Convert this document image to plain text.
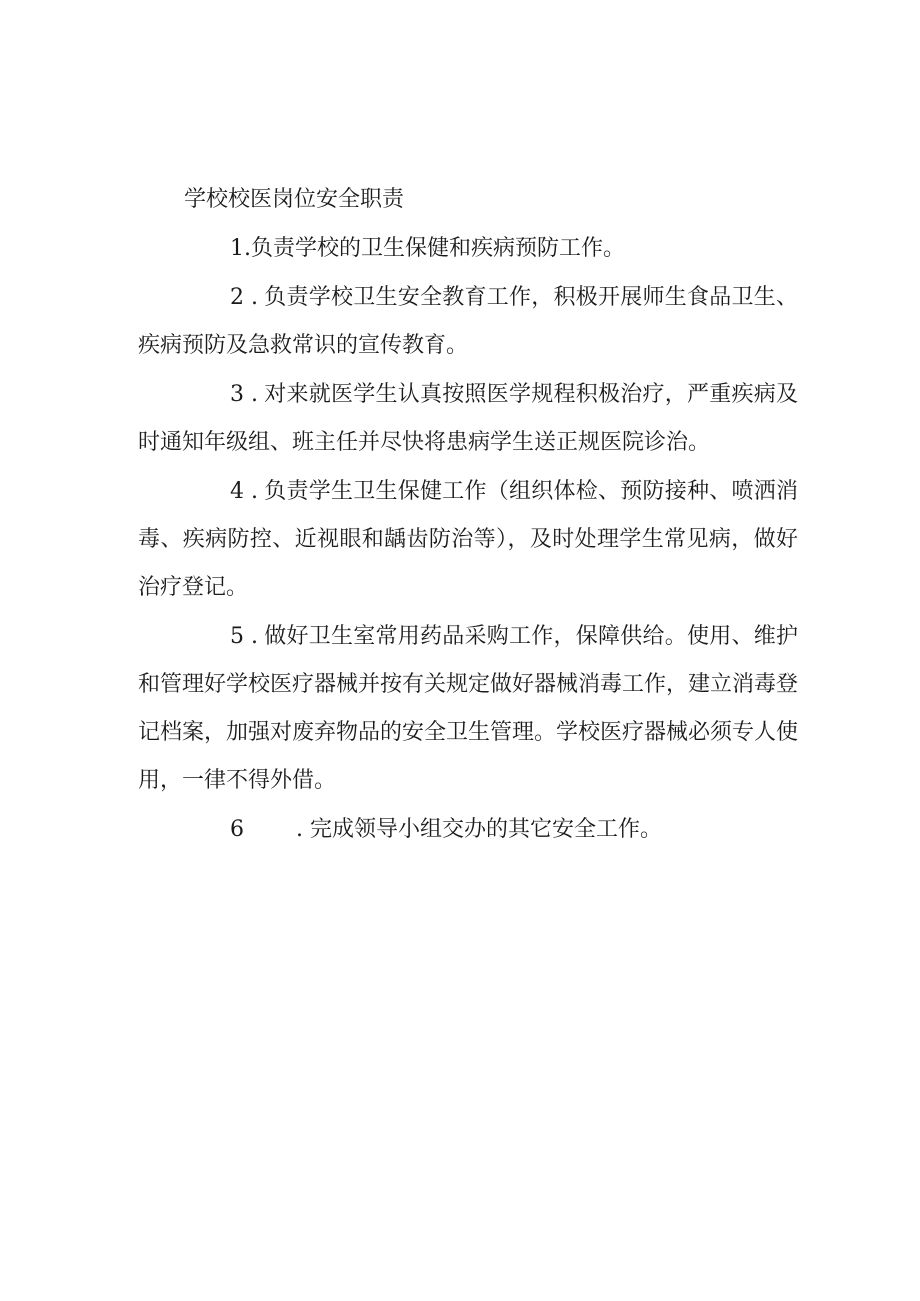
学校校医岗位安全职责

1.负责学校的卫生保健和疾病预防工作。

2 . 负责学校卫生安全教育工作，积极开展师生食品卫生、疾病预防及急救常识的宣传教育。

3 . 对来就医学生认真按照医学规程积极治疗，严重疾病及时通知年级组、班主任并尽快将患病学生送正规医院诊治。

4 . 负责学生卫生保健工作（组织体检、预防接种、喷洒消毒、疾病防控、近视眼和龋齿防治等），及时处理学生常见病，做好治疗登记。

5 . 做好卫生室常用药品采购工作，保障供给。使用、维护和管理好学校医疗器械并按有关规定做好器械消毒工作，建立消毒登记档案，加强对废弃物品的安全卫生管理。学校医疗器械必须专人使用，一律不得外借。

6 . 完成领导小组交办的其它安全工作。
